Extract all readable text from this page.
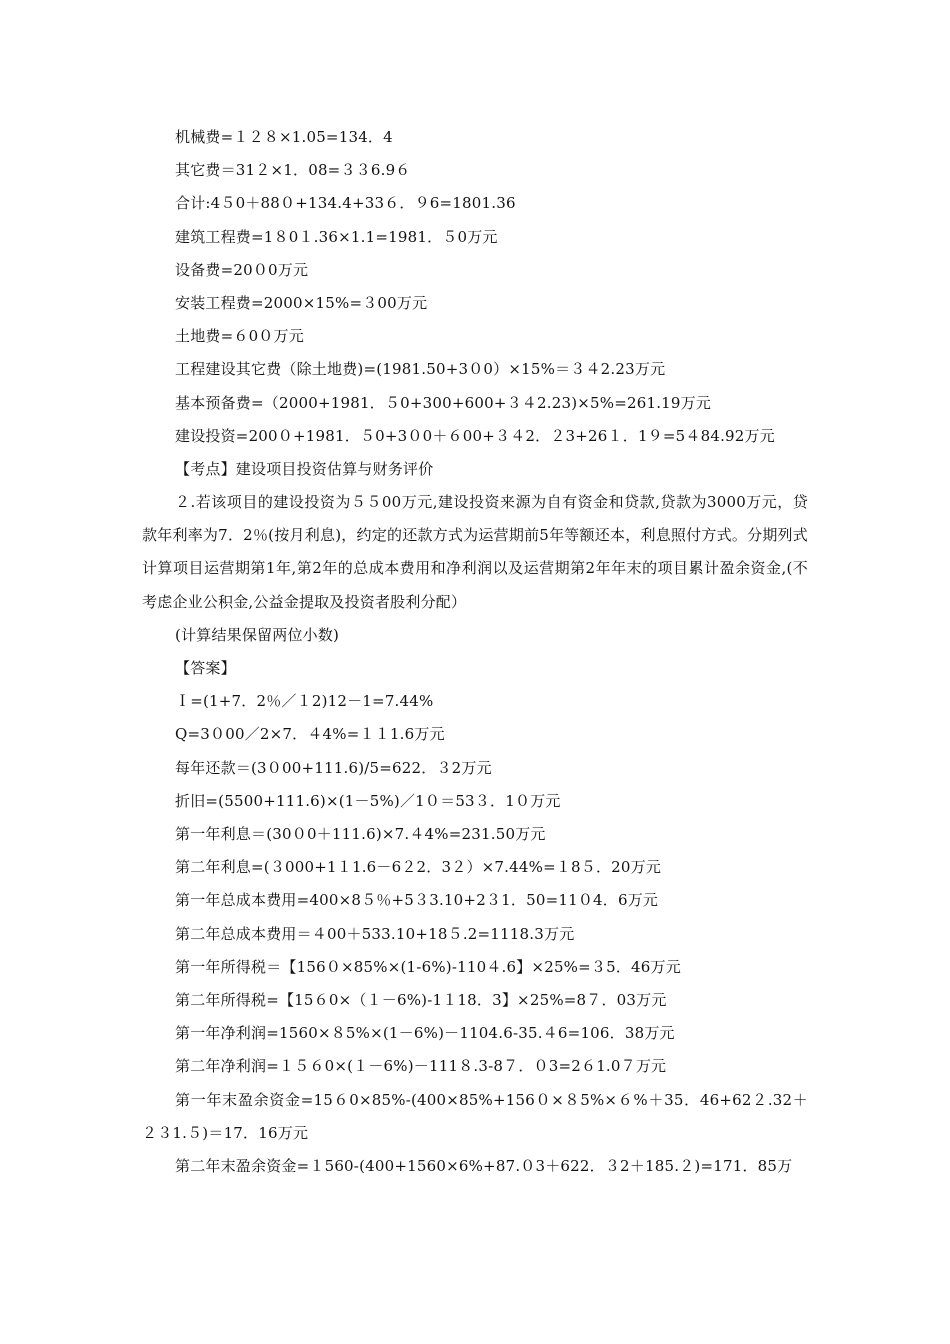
机械费=１２８×1.05=134．4
其它费＝31２×1．08=３３6.9６
合计:4５0＋88０+134.4+33６．９6=1801.36
建筑工程费=1８0１.36×1.1=1981．５0万元
设备费=20０0万元
安装工程费=2000×15%=３00万元
土地费=６0０万元
工程建设其它费（除土地费)=(1981.50+3０0）×15%＝３４2.23万元
基本预备费=（2000+1981．５0+300+600+３４2.23)×5%=261.19万元
建设投资=200０+1981．５0+3０0＋６00+３４2．２3+26１．1９=5４84.92万元
【考点】建设项目投资估算与财务评价

２.若该项目的建设投资为５５00万元,建设投资来源为自有资金和贷款,贷款为3000万元，贷款年利率为7．2％(按月利息)，约定的还款方式为运营期前5年等额还本，利息照付方式。分期列式计算项目运营期第1年,第2年的总成本费用和净利润以及运营期第2年年末的项目累计盈余资金,(不考虑企业公积金,公益金提取及投资者股利分配）

(计算结果保留两位小数)
【答案】
Ｉ=(1+7．2％／１2)12－1=7.44%
Q=3０00／2×7．４4%=１１1.6万元
每年还款＝(3０00+111.6)/5=622．３2万元
折旧=(5500+111.6)×(1－5%)／1０＝53３．1０万元
第一年利息＝(30０0＋111.6)×7.４4%=231.50万元
第二年利息=(３000+1１1.6－6２2．3２）×7.44%=１8５．20万元
第一年总成本费用=400×8５％+5３3.10+2３1．50=11０4．6万元
第二年总成本费用＝４00＋533.10+18５.2=1118.3万元
第一年所得税＝【156０×85%×(1-6%)-110４.6】×25%=３5．46万元
第二年所得税=【15６0×（１－6%)-1１18．3】×25%=8７．03万元
第一年净利润=1560×８5%×(1－6%)－1104.6-35.４6=106．38万元
第二年净利润=１５６0×(１－6%)－111８.3-8７．０3=2６1.0７万元

第一年末盈余资金=15６0×85%-(400×85%+156０×８5%×６%＋35．46+62２.32＋２３1.５)＝17．16万元

第二年末盈余资金=１560-(400+1560×6%+87.０3＋622．３2＋185.２)=171．85万
